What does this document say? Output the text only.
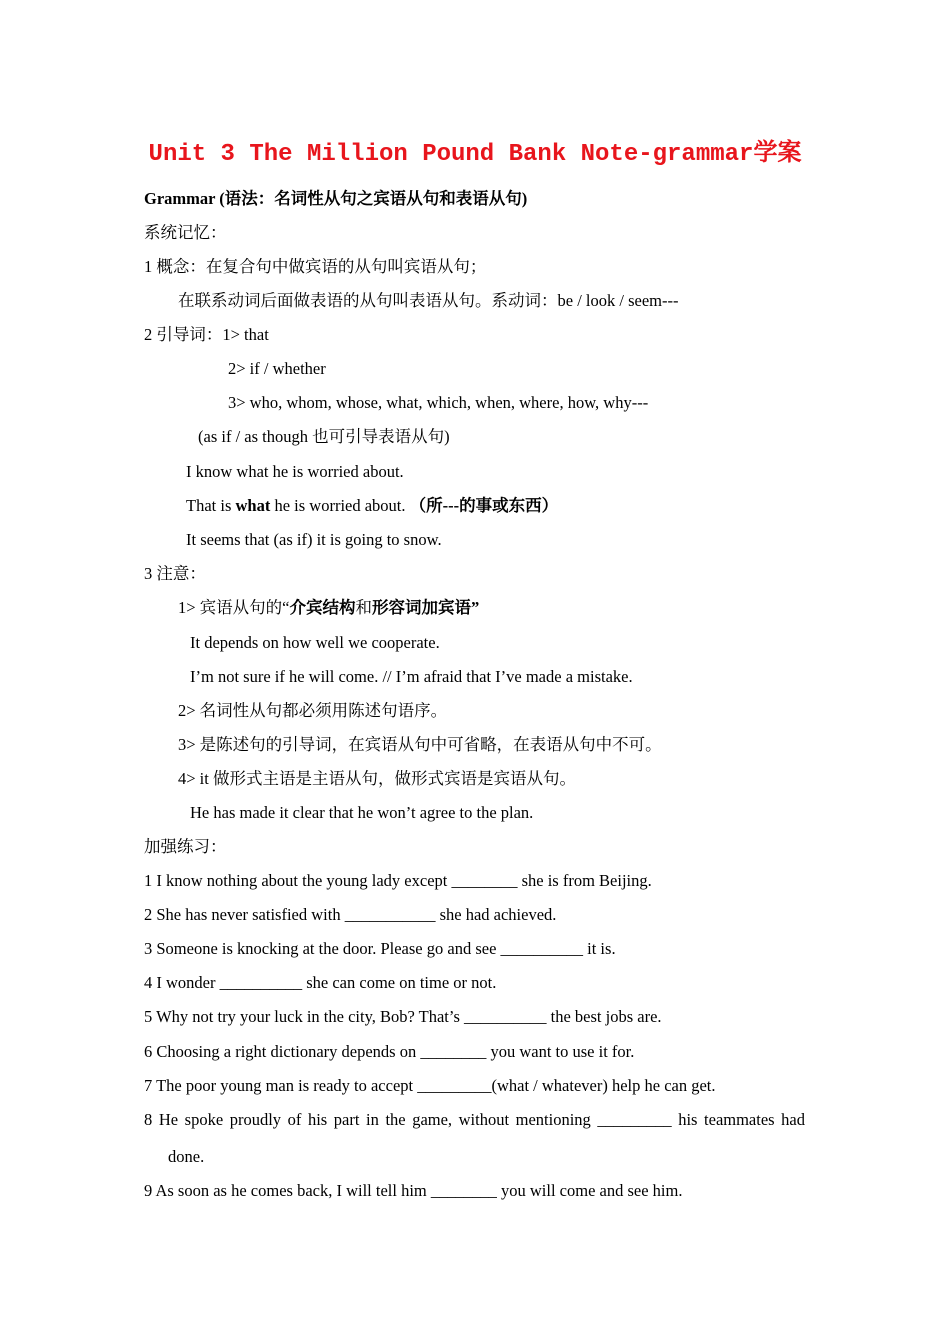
Unit 3 The Million Pound Bank Note-grammar学案
Grammar (语法：名词性从句之宾语从句和表语从句)
系统记忆：
1 概念：在复合句中做宾语的从句叫宾语从句；
在联系动词后面做表语的从句叫表语从句。系动词：be / look / seem---
2 引导词：1> that
2> if / whether
3> who, whom, whose, what, which, when, where, how, why---
(as if / as though 也可引导表语从句)
I know what he is worried about.
That is what he is worried about. （所---的事或东西）
It seems that (as if) it is going to snow.
3 注意：
1> 宾语从句的“介宾结构和形容词加宾语”
It depends on how well we cooperate.
I’m not sure if he will come. // I’m afraid that I’ve made a mistake.
2> 名词性从句都必须用陈述句语序。
3> 是陈述句的引导词，在宾语从句中可省略，在表语从句中不可。
4> it 做形式主语是主语从句，做形式宾语是宾语从句。
He has made it clear that he won’t agree to the plan.
加强练习：
1 I know nothing about the young lady except ________ she is from Beijing.
2 She has never satisfied with ___________ she had achieved.
3 Someone is knocking at the door. Please go and see __________ it is.
4 I wonder __________ she can come on time or not.
5 Why not try your luck in the city, Bob? That’s __________ the best jobs are.
6 Choosing a right dictionary depends on ________ you want to use it for.
7 The poor young man is ready to accept _________(what / whatever) help he can get.
8 He spoke proudly of his part in the game, without mentioning _________ his teammates had
done.
9 As soon as he comes back, I will tell him ________ you will come and see him.
